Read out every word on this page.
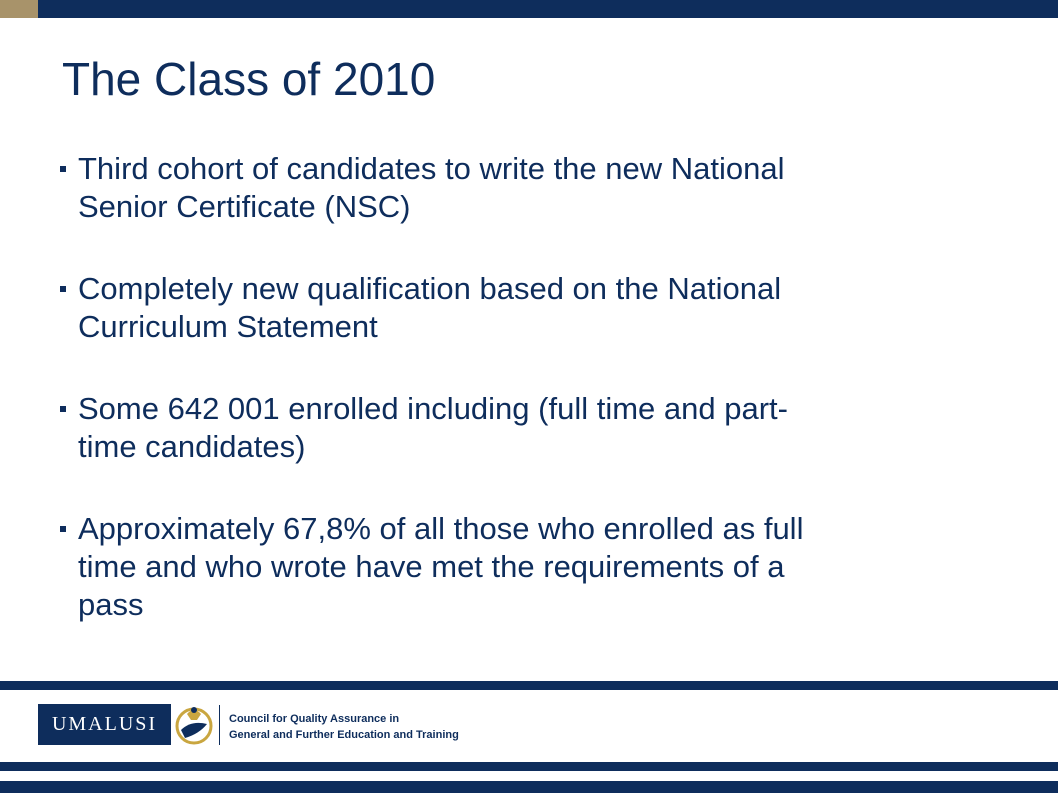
The Class of 2010
Third cohort of candidates to write the new National
Senior Certificate (NSC)
Completely new qualification based on the National
Curriculum Statement
Some 642 001 enrolled including (full time and part-
time candidates)
Approximately 67,8% of all those who enrolled as full
time and who wrote have met the requirements of a
pass
UMALUSI	Council for Quality Assurance in
General and Further Education and Training
